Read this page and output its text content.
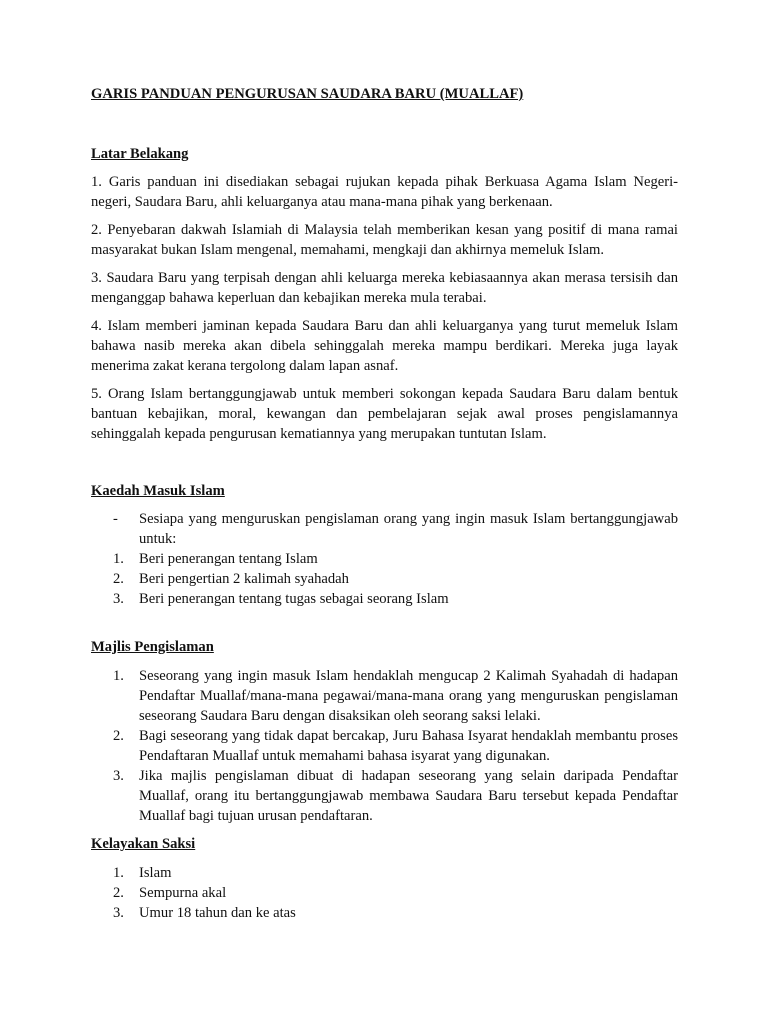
GARIS PANDUAN PENGURUSAN SAUDARA BARU (MUALLAF)

Latar Belakang

1. Garis panduan ini disediakan sebagai rujukan kepada pihak Berkuasa Agama Islam Negeri-negeri, Saudara Baru, ahli keluarganya atau mana-mana pihak yang berkenaan.

2. Penyebaran dakwah Islamiah di Malaysia telah memberikan kesan yang positif di mana ramai masyarakat bukan Islam mengenal, memahami, mengkaji dan akhirnya memeluk Islam.

3. Saudara Baru yang terpisah dengan ahli keluarga mereka kebiasaannya akan merasa tersisih dan menganggap bahawa keperluan dan kebajikan mereka mula terabai.

4. Islam memberi jaminan kepada Saudara Baru dan ahli keluarganya yang turut memeluk Islam bahawa nasib mereka akan dibela sehinggalah mereka mampu berdikari. Mereka juga layak menerima zakat kerana tergolong dalam lapan asnaf.

5. Orang Islam bertanggungjawab untuk memberi sokongan kepada Saudara Baru dalam bentuk bantuan kebajikan, moral, kewangan dan pembelajaran sejak awal proses pengislamannya sehinggalah kepada pengurusan kematiannya yang merupakan tuntutan Islam.

Kaedah Masuk Islam

- Sesiapa yang menguruskan pengislaman orang yang ingin masuk Islam bertanggungjawab untuk:
1.	Beri penerangan tentang Islam
2.	Beri pengertian 2 kalimah syahadah
3.	Beri penerangan tentang tugas sebagai seorang Islam

Majlis Pengislaman

1.	Seseorang yang ingin masuk Islam hendaklah mengucap 2 Kalimah Syahadah di hadapan Pendaftar Muallaf/mana-mana pegawai/mana-mana orang yang menguruskan pengislaman seseorang Saudara Baru dengan disaksikan oleh seorang saksi lelaki.
2.	Bagi seseorang yang tidak dapat bercakap, Juru Bahasa Isyarat hendaklah membantu proses Pendaftaran Muallaf untuk memahami bahasa isyarat yang digunakan.
3.	Jika majlis pengislaman dibuat di hadapan seseorang yang selain daripada Pendaftar Muallaf, orang itu bertanggungjawab membawa Saudara Baru tersebut kepada Pendaftar Muallaf bagi tujuan urusan pendaftaran.

Kelayakan Saksi

1.	Islam
2.	Sempurna akal
3.	Umur 18 tahun dan ke atas
